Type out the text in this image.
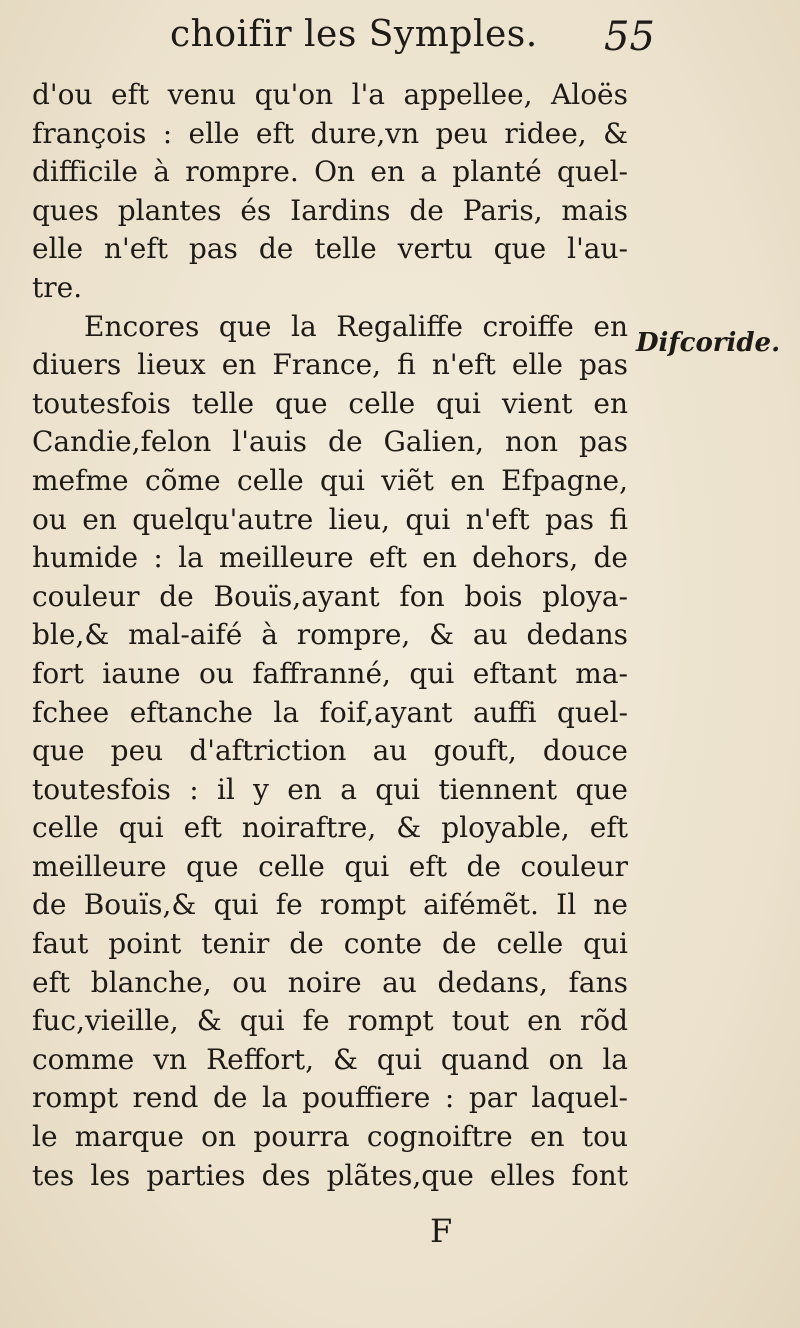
choifir les Symples. 55
d'ou eft venu qu'on l'a appellee, Aloës
françois : elle eft dure,vn peu ridee, &
difficile à rompre. On en a planté quel-
ques plantes és Iardins de Paris, mais
elle n'eft pas de telle vertu que l'au-
tre.
Encores que la Regaliffe croiffe en
diuers lieux en France, fi n'eft elle pas
toutesfois telle que celle qui vient en
Candie,felon l'auis de Galien, non pas
mefme cõme celle qui viẽt en Efpagne,
ou en quelqu'autre lieu, qui n'eft pas fi
humide : la meilleure eft en dehors, de
couleur de Bouïs,ayant fon bois ploya-
ble,& mal-aifé à rompre, & au dedans
fort iaune ou faffranné, qui eftant ma-
fchee eftanche la foif,ayant auffi quel-
que peu d'aftriction au gouft, douce
toutesfois : il y en a qui tiennent que
celle qui eft noiraftre, & ployable, eft
meilleure que celle qui eft de couleur
de Bouïs,& qui fe rompt aifémẽt. Il ne
faut point tenir de conte de celle qui
eft blanche, ou noire au dedans, fans
fuc,vieille, & qui fe rompt tout en rõd
comme vn Reffort, & qui quand on la
rompt rend de la pouffiere : par laquel-
le marque on pourra cognoiftre en tou
tes les parties des plãtes,que elles font
Difcoride.
F
